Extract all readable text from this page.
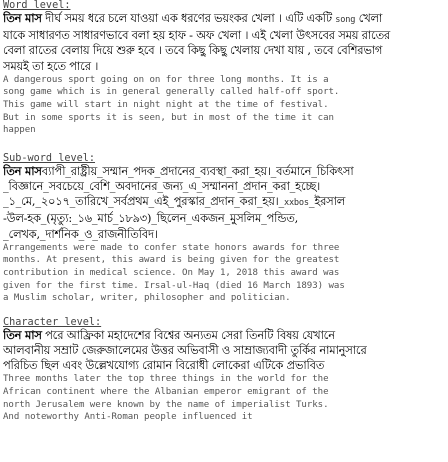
Word level:

তিন মাস দীর্ঘ সময় ধরে চলে যাওয়া এক ধরণের ভয়ংকর খেলা । এটি একটি song খেলা
যাকে সাধারণত সাধারণভাবে বলা হয় হাফ - অফ খেলা । এই খেলা উৎসবের সময় রাতের
বেলা রাতের বেলায় দিয়ে শুরু হবে । তবে কিছু কিছু খেলায় দেখা যায় , তবে বেশিরভাগ
সময়ই তা হতে পারে ।

A dangerous sport going on on for three long months. It is a
song game which is in general generally called half-off sport.
This game will start in night night at the time of festival.
But in some sports it is seen, but in most of the time it can
happen

Sub-word level:

তিন মাসব্যাপী_রাষ্ট্রীয়_সম্মান_পদক_প্রদানের_ব্যবস্থা_করা_হয়।_বর্তমানে_চিকিৎসা
_বিজ্ঞানে_সবচেয়ে_বেশি_অবদানের_জন্য_এ_সম্মাননা_প্রদান_করা_হচ্ছে।
_১_মে,_২০১৭_তারিখে_সর্বপ্রথম_এই_পুরস্কার_প্রদান_করা_হয়।_xxbos_ইরসাল
-উল-হক_(মৃত্যু:_১৬_মার্চ_১৮৯৩)_ছিলেন_একজন_মুসলিম_পন্ডিত,
_লেখক,_দার্শনিক_ও_রাজনীতিবিদ।

Arrangements were made to confer state honors awards for three
months. At present, this award is being given for the greatest
contribution in medical science. On May 1, 2018 this award was
given for the first time. Irsal-ul-Haq (died 16 March 1893) was
a Muslim scholar, writer, philosopher and politician.

Character level:

তিন মাস পরে আফ্রিকা মহাদেশের বিশ্বের অন্যতম সেরা তিনটি বিষয় যেখানে
আলবানীয় সম্রাট জেরুজালেমের উত্তর অভিবাসী ও সাম্রাজ্যবাদী তুর্কির নামানুসারে
পরিচিত ছিল এবং উল্লেখযোগ্য রোমান বিরোধী লোকেরা এটিকে প্রভাবিত

Three months later the top three things in the world for the
African continent where the Albanian emperor emigrant of the
north Jerusalem were known by the name of imperialist Turks.
And noteworthy Anti-Roman people influenced it
